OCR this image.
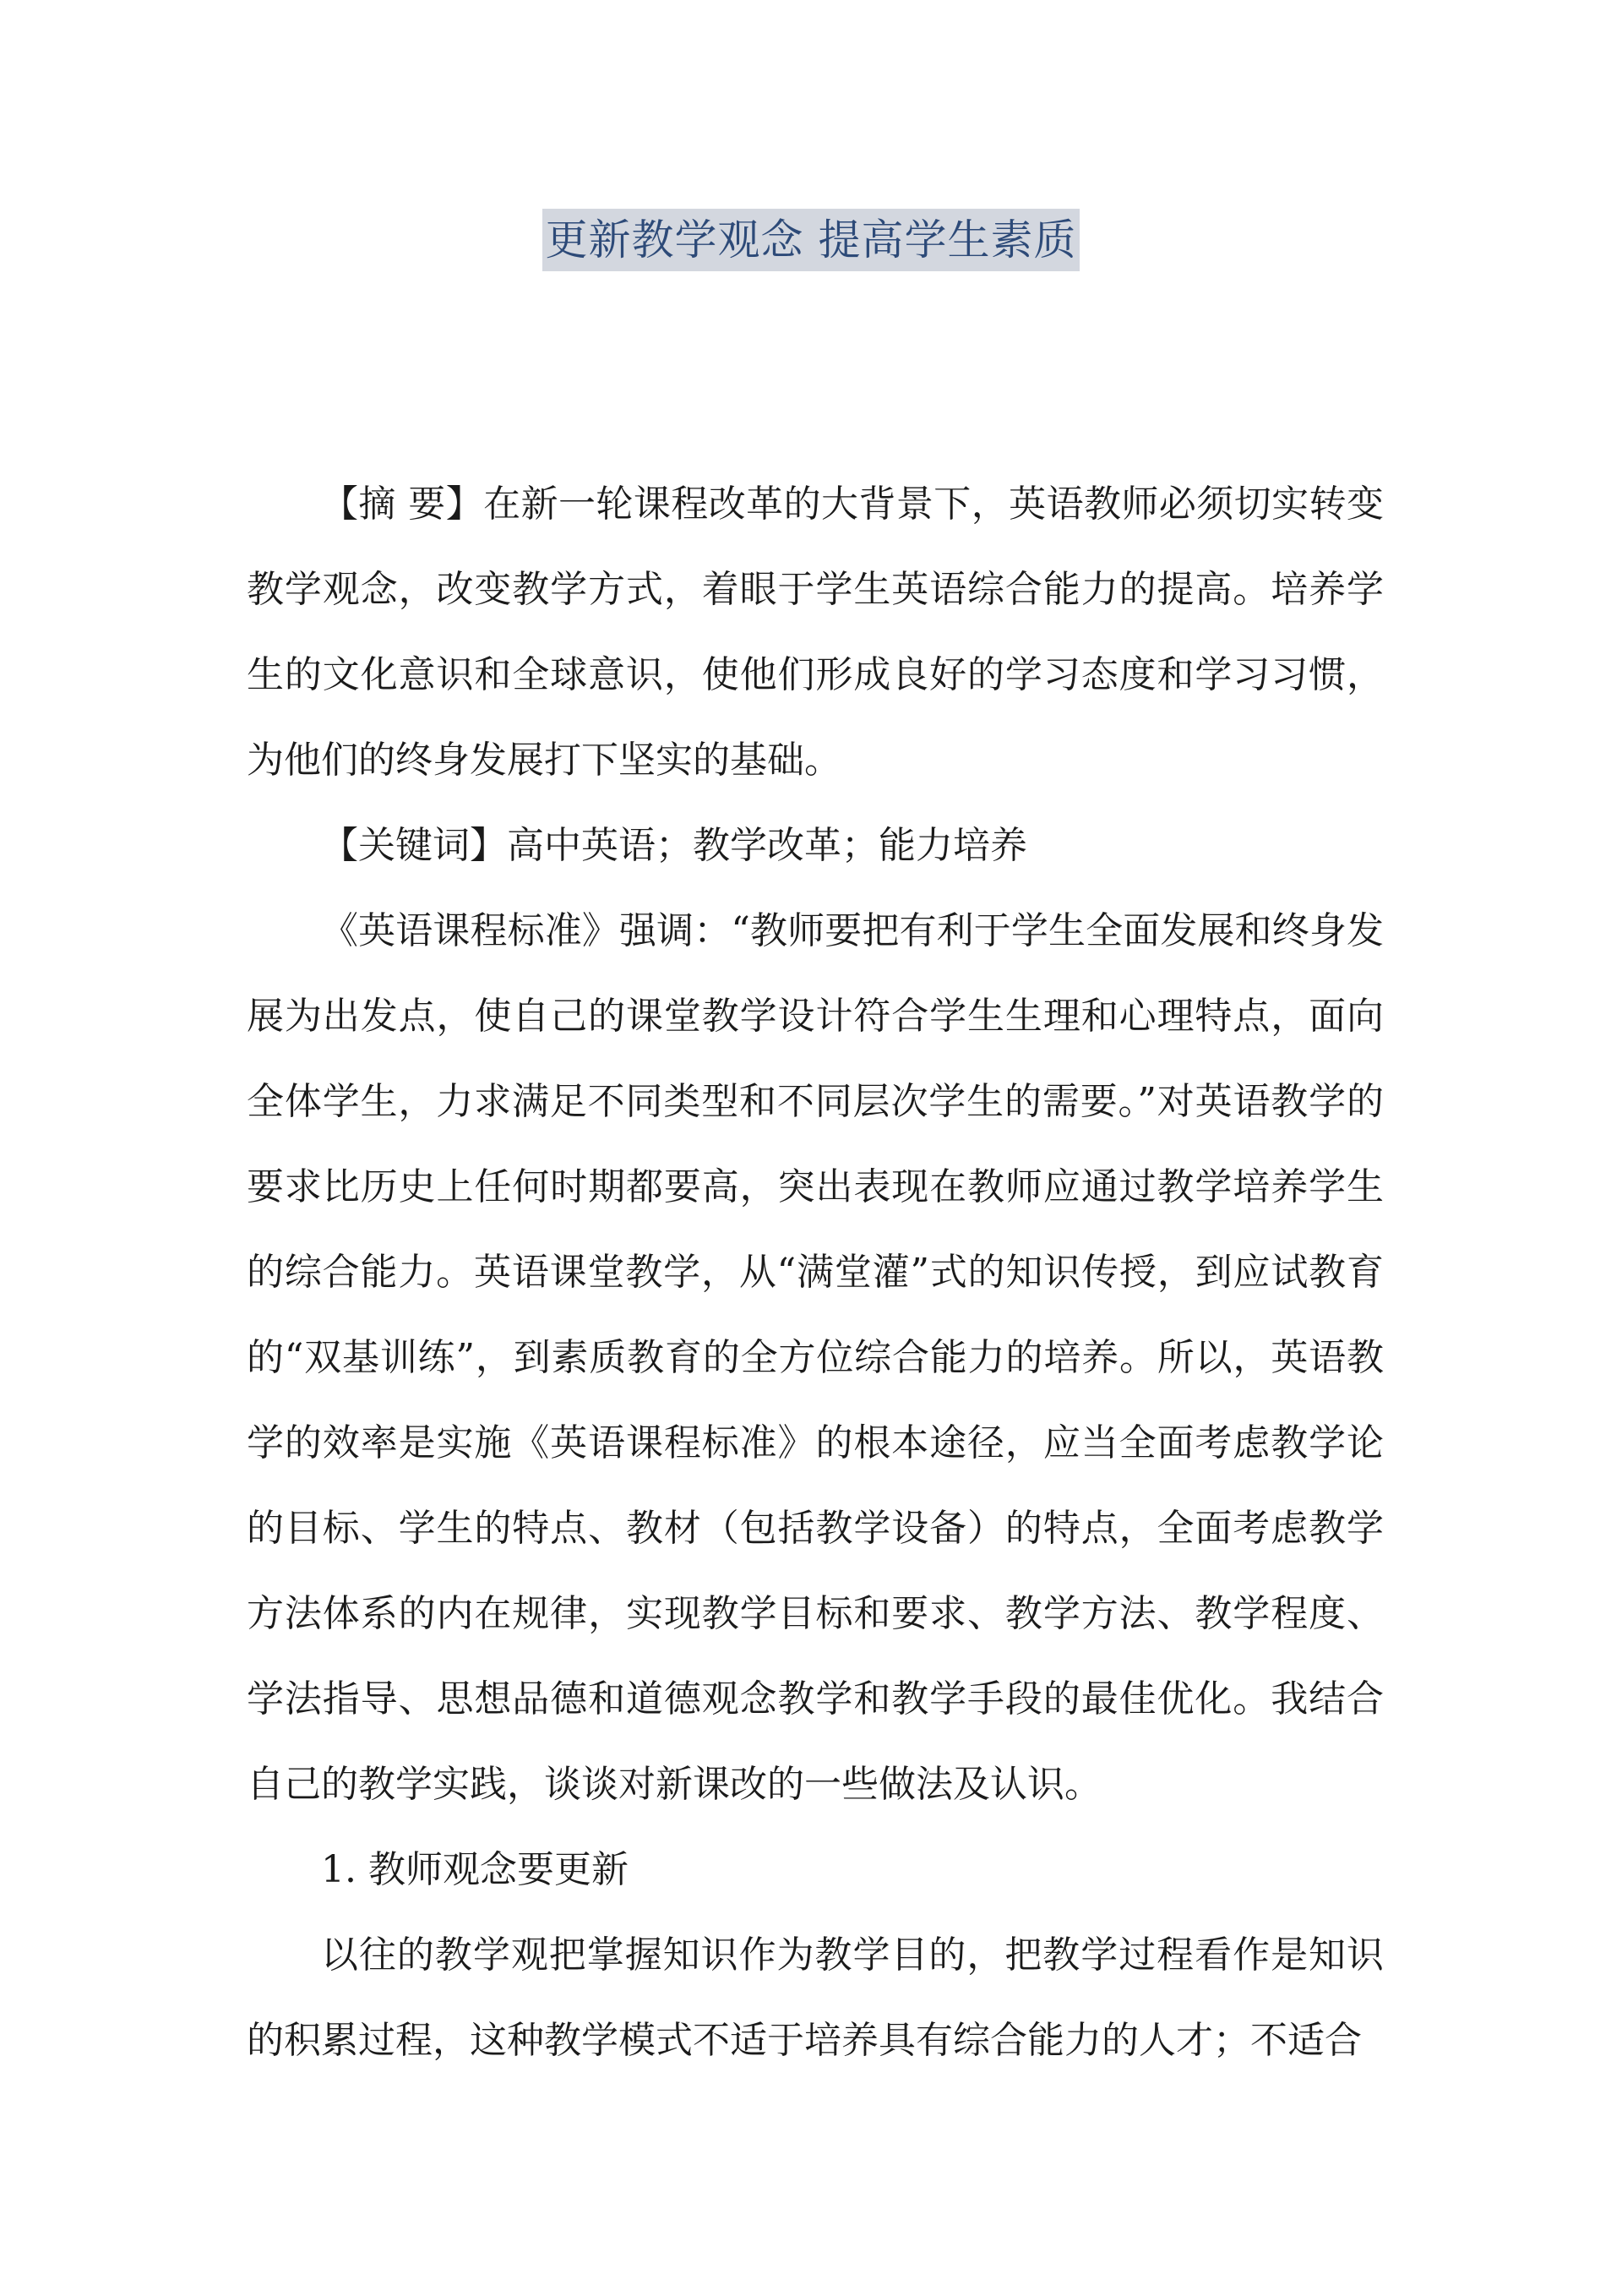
更新教学观念 提高学生素质

【摘 要】在新一轮课程改革的大背景下，英语教师必须切实转变教学观念，改变教学方式，着眼于学生英语综合能力的提高。培养学生的文化意识和全球意识，使他们形成良好的学习态度和学习习惯，为他们的终身发展打下坚实的基础。

【关键词】高中英语；教学改革；能力培养

《英语课程标准》强调：“教师要把有利于学生全面发展和终身发展为出发点，使自己的课堂教学设计符合学生生理和心理特点，面向全体学生，力求满足不同类型和不同层次学生的需要。”对英语教学的要求比历史上任何时期都要高，突出表现在教师应通过教学培养学生的综合能力。英语课堂教学，从“满堂灌”式的知识传授，到应试教育的“双基训练”，到素质教育的全方位综合能力的培养。所以，英语教学的效率是实施《英语课程标准》的根本途径，应当全面考虑教学论的目标、学生的特点、教材（包括教学设备）的特点，全面考虑教学方法体系的内在规律，实现教学目标和要求、教学方法、教学程度、学法指导、思想品德和道德观念教学和教学手段的最佳优化。我结合自己的教学实践，谈谈对新课改的一些做法及认识。

1. 教师观念要更新

以往的教学观把掌握知识作为教学目的，把教学过程看作是知识的积累过程，这种教学模式不适于培养具有综合能力的人才；不适合
